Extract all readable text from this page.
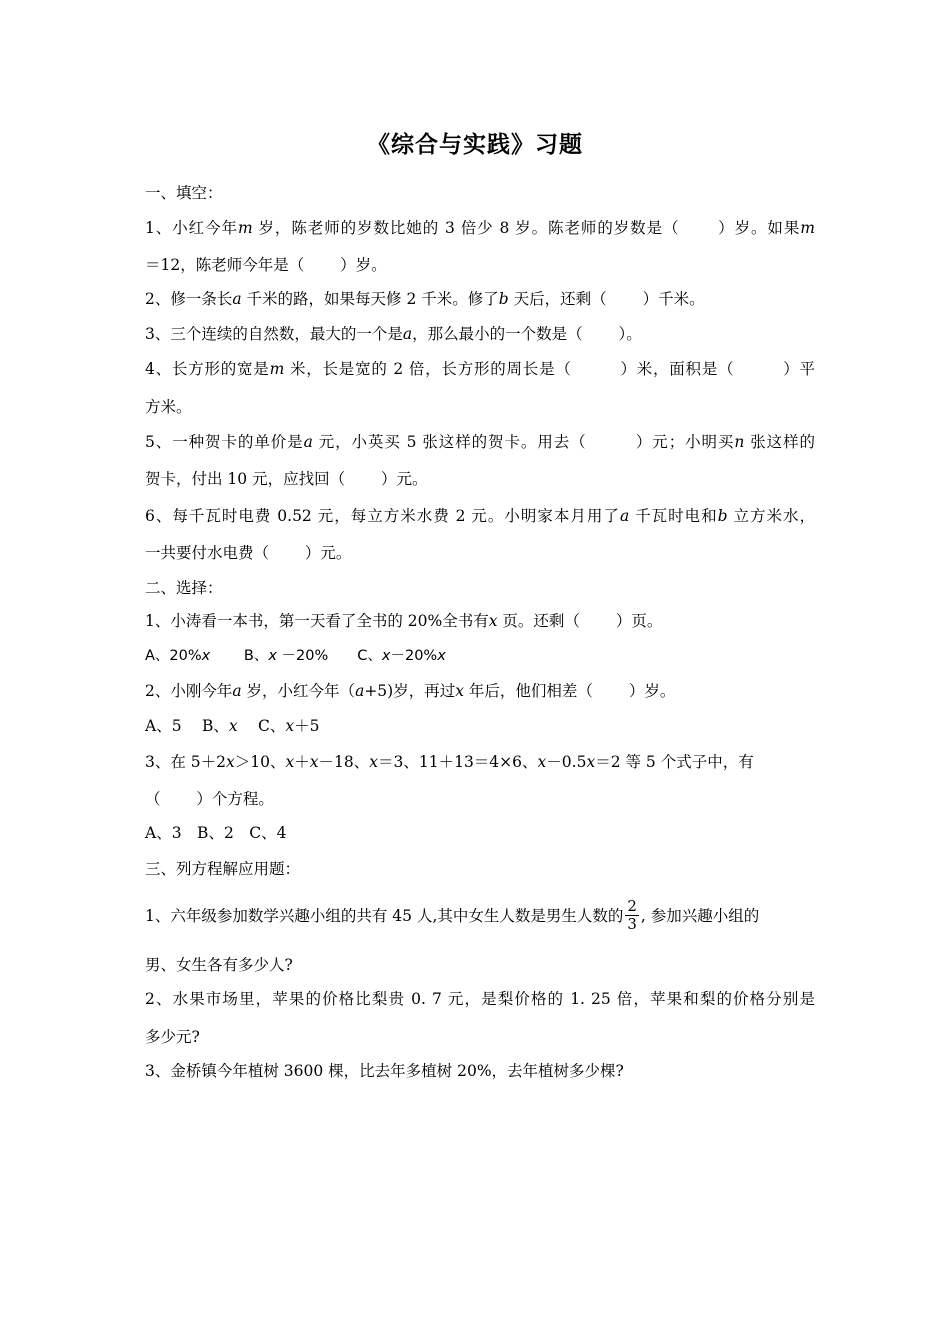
《综合与实践》习题
一、填空：
1、小红今年m 岁，陈老师的岁数比她的 3 倍少 8 岁。陈老师的岁数是（　　 ）岁。如果m
＝12，陈老师今年是（　　 ）岁。
2、修一条长a 千米的路，如果每天修 2 千米。修了b 天后，还剩（　　 ）千米。
3、三个连续的自然数，最大的一个是a，那么最小的一个数是（　　 ）。
4、长方形的宽是m 米，长是宽的 2 倍，长方形的周长是（　　　）米，面积是（　　　）平
方米。
5、一种贺卡的单价是a 元，小英买 5 张这样的贺卡。用去（　　　）元；小明买n 张这样的
贺卡，付出 10 元，应找回（　　 ）元。
6、每千瓦时电费 0.52 元，每立方米水费 2 元。小明家本月用了a 千瓦时电和b 立方米水，
一共要付水电费（　　 ）元。
二、选择：
1、小涛看一本书，第一天看了全书的 20%全书有x 页。还剩（　　 ）页。
A、20%x　　 B、x －20%　　C、x－20%x
2、小刚今年a 岁，小红今年（a+5)岁，再过x 年后，他们相差（　　 ）岁。
A、5　 B、x　 C、x＋5
3、在 5＋2x＞10、x＋x－18、x＝3、11＋13＝4×6、x－0.5x＝2 等 5 个式子中，有
（　　 ）个方程。
A、3　B、2　C、4
三、列方程解应用题：
1、六年级参加数学兴趣小组的共有 45 人,其中女生人数是男生人数的 $\frac{2}{3}$ , 参加兴趣小组的
男、女生各有多少人?
2、水果市场里，苹果的价格比梨贵 0. 7 元，是梨价格的 1. 25 倍，苹果和梨的价格分别是
多少元?
3、金桥镇今年植树 3600 棵，比去年多植树 20%，去年植树多少棵?
